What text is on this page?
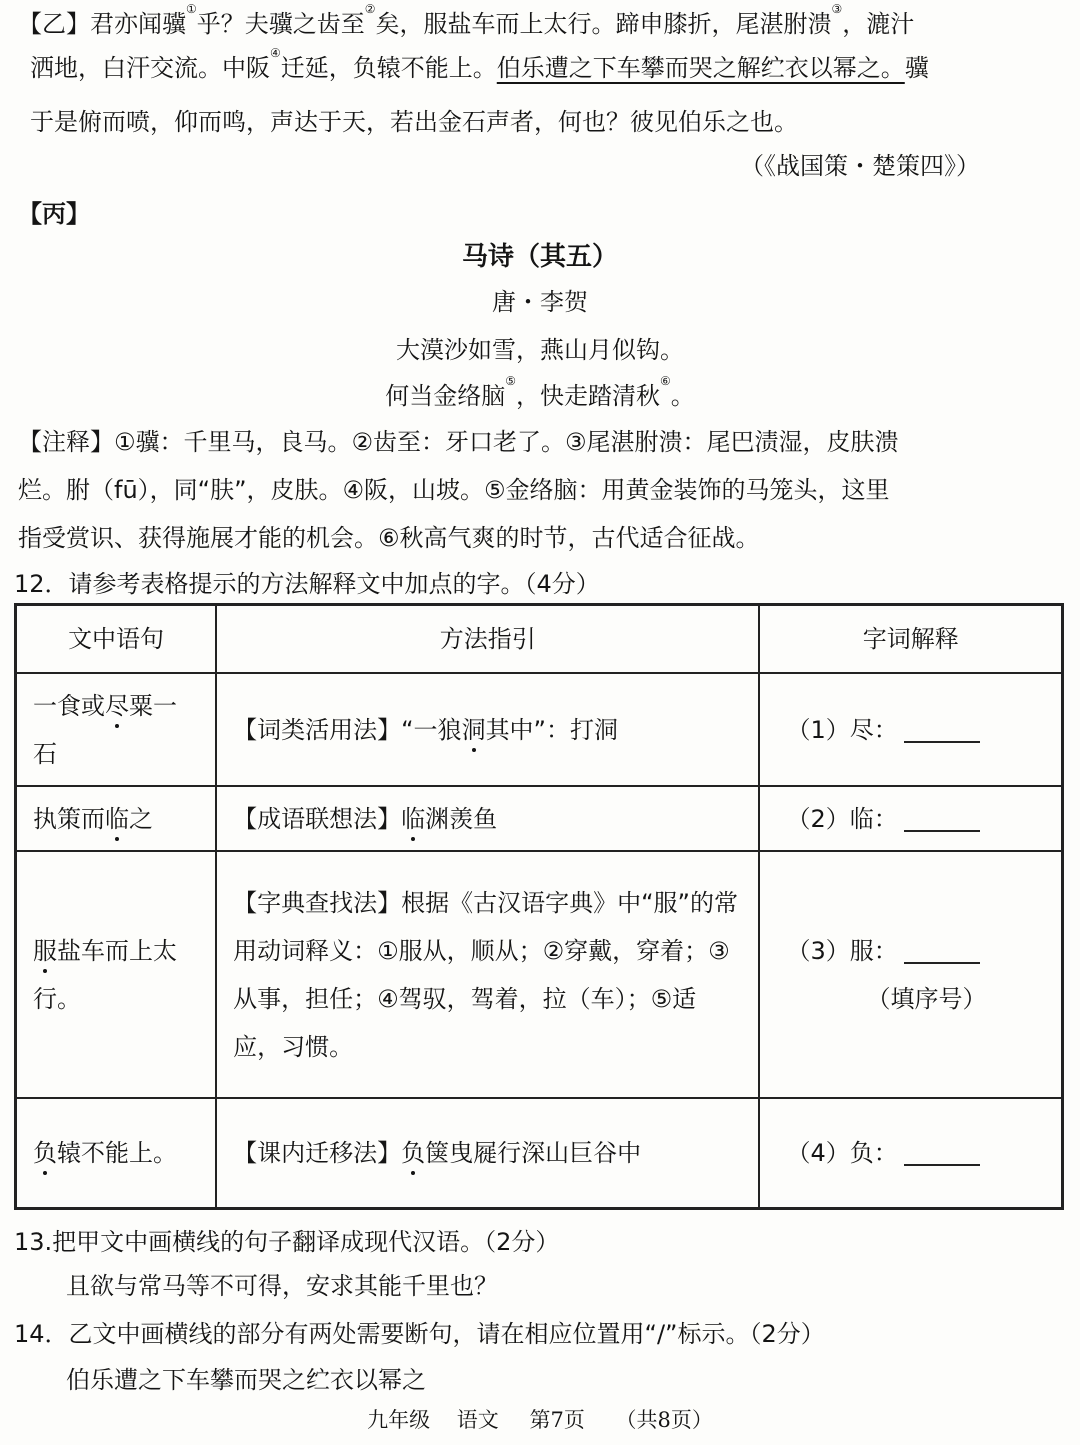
【乙】君亦闻骥①乎？夫骥之齿至②矣，服盐车而上太行。蹄申膝折，尾湛胕溃③，漉汁
洒地，白汗交流。中阪④迁延，负辕不能上。伯乐遭之下车攀而哭之解纻衣以幂之。骥
于是俯而喷，仰而鸣，声达于天，若出金石声者，何也？彼见伯乐之也。
（《战国策・楚策四》）
【丙】
马诗（其五）
唐・李贺
大漠沙如雪，燕山月似钩。
何当金络脑⑤，快走踏清秋⑥。
【注释】①骥：千里马，良马。②齿至：牙口老了。③尾湛胕溃：尾巴渍湿，皮肤溃
烂。胕（fū），同“肤”，皮肤。④阪，山坡。⑤金络脑：用黄金装饰的马笼头，这里
指受赏识、获得施展才能的机会。⑥秋高气爽的时节，古代适合征战。
12．请参考表格提示的方法解释文中加点的字。（4分）
文中语句	方法指引	字词解释
一食或尽粟一石	【词类活用法】“一狼洞其中”：打洞	（1）尽：
执策而临之	【成语联想法】临渊羡鱼	（2）临：
服盐车而上太行。	【字典查找法】根据《古汉语字典》中“服”的常用动词释义：①服从，顺从；②穿戴，穿着；③从事，担任；④驾驭，驾着，拉（车）；⑤适应，习惯。	（3）服：
（填序号）

负辕不能上。	【课内迁移法】负箧曳屣行深山巨谷中	（4）负：
13.把甲文中画横线的句子翻译成现代汉语。（2分）
且欲与常马等不可得，安求其能千里也？
14．乙文中画横线的部分有两处需要断句，请在相应位置用“/”标示。（2分）
伯乐遭之下车攀而哭之纻衣以幂之
九年级 语文 第7页 （共8页）
